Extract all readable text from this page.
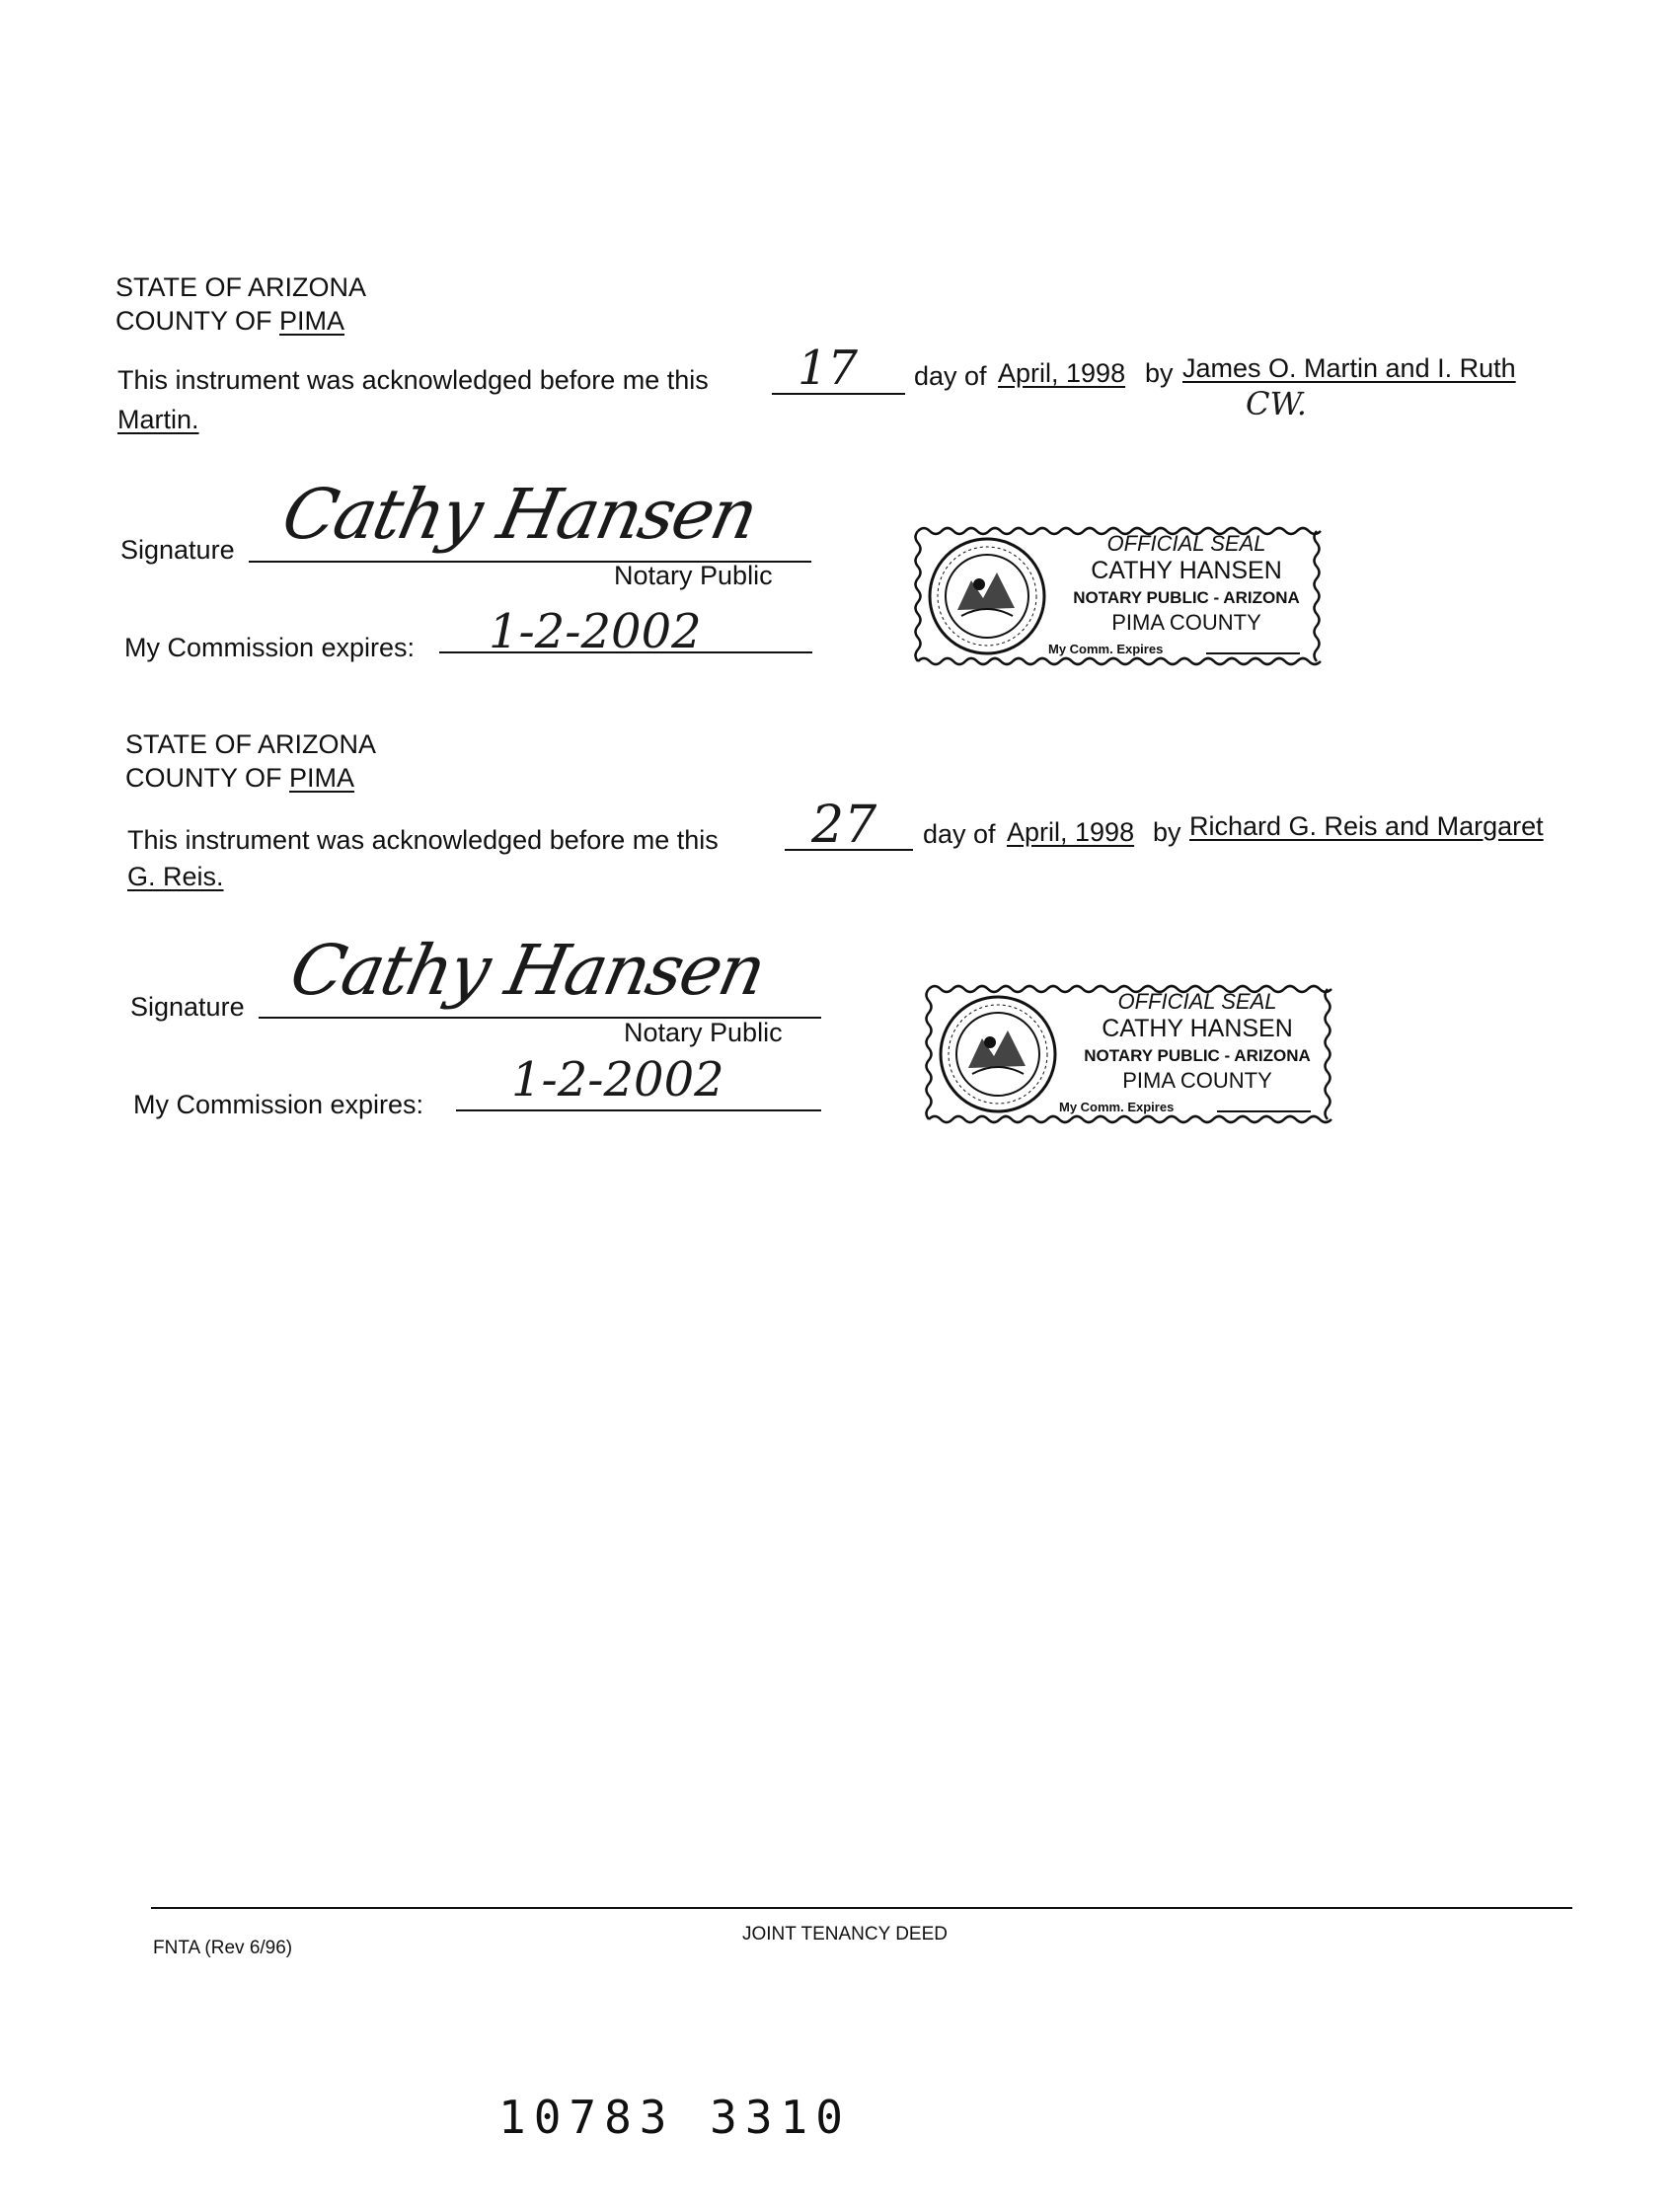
STATE OF ARIZONA
COUNTY OF PIMA
This instrument was acknowledged before me this 17 day of April, 1998 by James O. Martin and I. Ruth
Martin.	CW.
Signature Cathy Hansen
Notary Public
My Commission expires: 1-2-2002
OFFICIAL SEAL
CATHY HANSEN
NOTARY PUBLIC - ARIZONA
PIMA COUNTY
My Comm. Expires
STATE OF ARIZONA
COUNTY OF PIMA
This instrument was acknowledged before me this 27 day of April, 1998 by Richard G. Reis and Margaret
G. Reis.
Signature Cathy Hansen
Notary Public
My Commission expires: 1-2-2002
OFFICIAL SEAL
CATHY HANSEN
NOTARY PUBLIC - ARIZONA
PIMA COUNTY
My Comm. Expires
FNTA (Rev 6/96)
JOINT TENANCY DEED
10783 3310
